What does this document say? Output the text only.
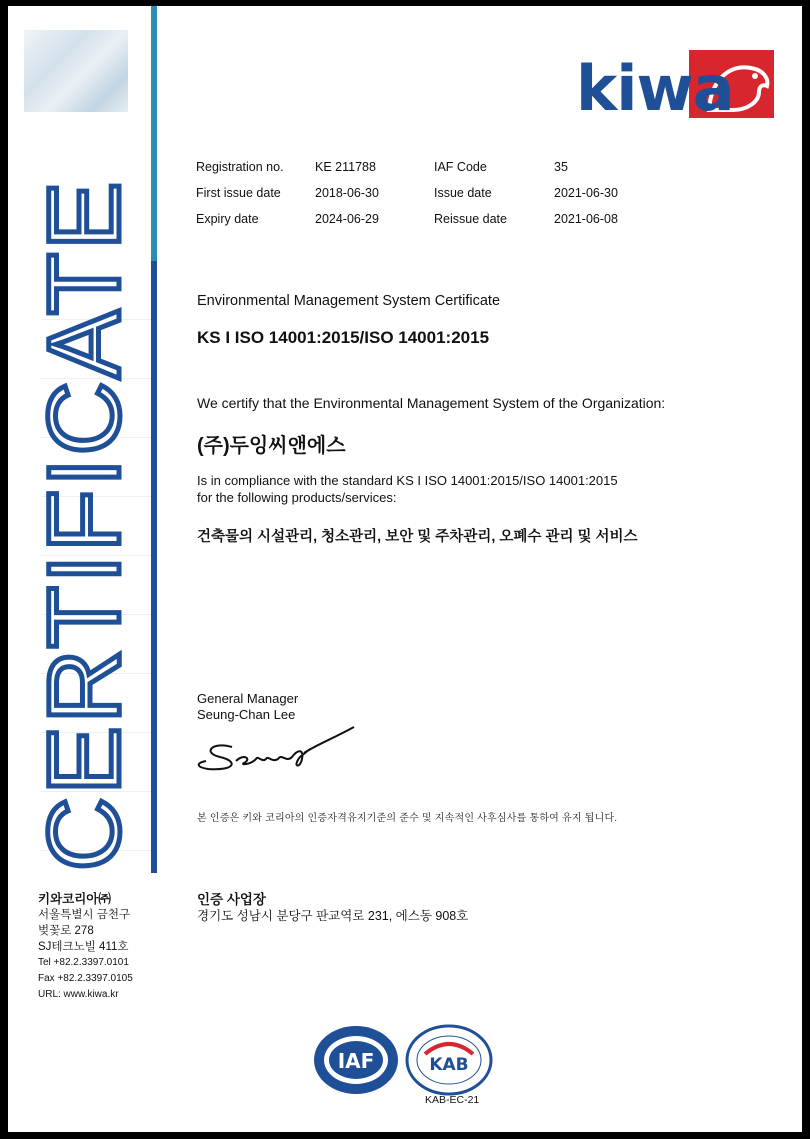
CERTIFICATE
kiwa
Registration no.	KE 211788	IAF Code	35
First issue date	2018-06-30	Issue date	2021-06-30
Expiry date	2024-06-29	Reissue date	2021-06-08
Environmental Management System Certificate
KS I ISO 14001:2015/ISO 14001:2015
We certify that the Environmental Management System of the Organization:
(주)두잉씨앤에스
Is in compliance with the standard KS I ISO 14001:2015/ISO 14001:2015
for the following products/services:
건축물의 시설관리, 청소관리, 보안 및 주차관리, 오폐수 관리 및 서비스
General Manager
Seung-Chan Lee
본 인증은 키와 코리아의 인증자격유지기준의 준수 및 지속적인 사후심사를 통하여 유지 됩니다.
키와코리아㈜
서울특별시 금천구
벚꽃로 278
SJ테크노빌 411호
Tel +82.2.3397.0101
Fax +82.2.3397.0105
URL: www.kiwa.kr
인증 사업장
경기도 성남시 분당구 판교역로 231, 에스동 908호
IAF	KAB
KAB-EC-21
